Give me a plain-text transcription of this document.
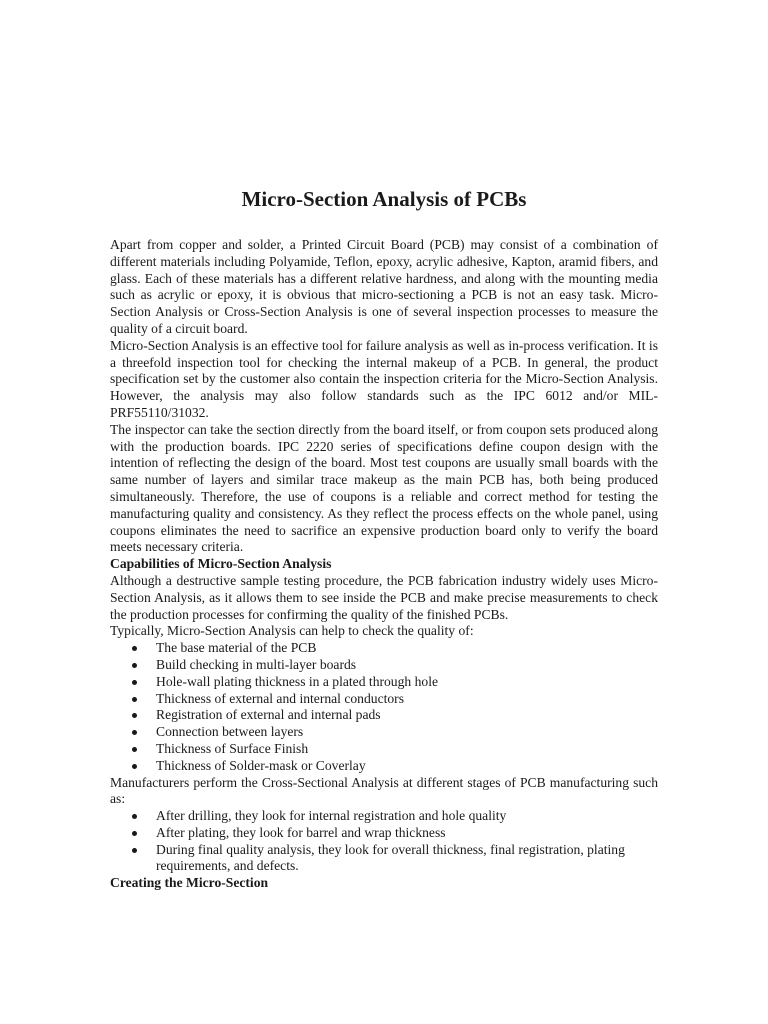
Micro-Section Analysis of PCBs

Apart from copper and solder, a Printed Circuit Board (PCB) may consist of a combination of different materials including Polyamide, Teflon, epoxy, acrylic adhesive, Kapton, aramid fibers, and glass. Each of these materials has a different relative hardness, and along with the mounting media such as acrylic or epoxy, it is obvious that micro-sectioning a PCB is not an easy task. Micro-Section Analysis or Cross-Section Analysis is one of several inspection processes to measure the quality of a circuit board.

Micro-Section Analysis is an effective tool for failure analysis as well as in-process verification. It is a threefold inspection tool for checking the internal makeup of a PCB. In general, the product specification set by the customer also contain the inspection criteria for the Micro-Section Analysis. However, the analysis may also follow standards such as the IPC 6012 and/or MIL-PRF55110/31032.

The inspector can take the section directly from the board itself, or from coupon sets produced along with the production boards. IPC 2220 series of specifications define coupon design with the intention of reflecting the design of the board. Most test coupons are usually small boards with the same number of layers and similar trace makeup as the main PCB has, both being produced simultaneously. Therefore, the use of coupons is a reliable and correct method for testing the manufacturing quality and consistency. As they reflect the process effects on the whole panel, using coupons eliminates the need to sacrifice an expensive production board only to verify the board meets necessary criteria.

Capabilities of Micro-Section Analysis

Although a destructive sample testing procedure, the PCB fabrication industry widely uses Micro-Section Analysis, as it allows them to see inside the PCB and make precise measurements to check the production processes for confirming the quality of the finished PCBs.

Typically, Micro-Section Analysis can help to check the quality of:

The base material of the PCB
Build checking in multi-layer boards
Hole-wall plating thickness in a plated through hole
Thickness of external and internal conductors
Registration of external and internal pads
Connection between layers
Thickness of Surface Finish
Thickness of Solder-mask or Coverlay

Manufacturers perform the Cross-Sectional Analysis at different stages of PCB manufacturing such as:

After drilling, they look for internal registration and hole quality
After plating, they look for barrel and wrap thickness
During final quality analysis, they look for overall thickness, final registration, plating requirements, and defects.

Creating the Micro-Section
